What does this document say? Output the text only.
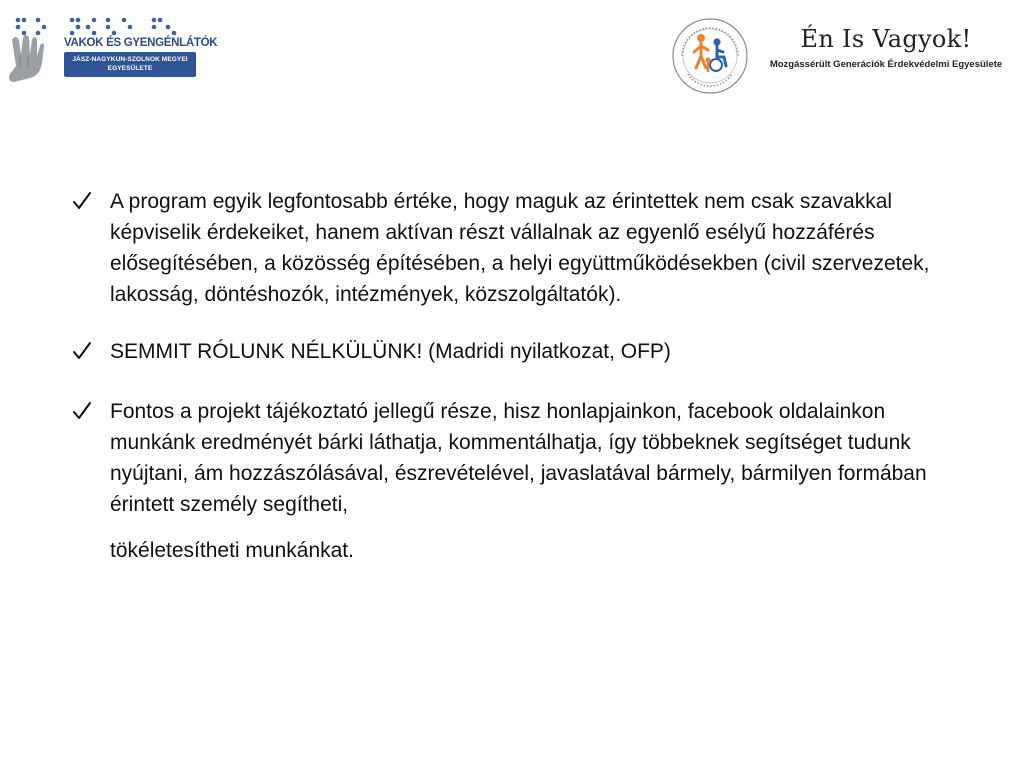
VAKOK ÉS GYENGÉNLÁTÓK
JÁSZ-NAGYKUN-SZOLNOK MEGYEI
EGYESÜLETE
Én Is Vagyok!
Mozgássérült Generációk Érdekvédelmi Egyesülete
A program egyik legfontosabb értéke, hogy maguk az érintettek nem csak szavakkal képviselik érdekeiket, hanem aktívan részt vállalnak az egyenlő esélyű hozzáférés elősegítésében, a közösség építésében, a helyi együttműködésekben (civil szervezetek, lakosság, döntéshozók, intézmények, közszolgáltatók).
SEMMIT RÓLUNK NÉLKÜLÜNK! (Madridi nyilatkozat, OFP)
Fontos a projekt tájékoztató jellegű része, hisz honlapjainkon, facebook oldalainkon munkánk eredményét bárki láthatja, kommentálhatja, így többeknek segítséget tudunk nyújtani, ám hozzászólásával, észrevételével, javaslatával bármely, bármilyen formában érintett személy segítheti,
tökéletesítheti munkánkat.
